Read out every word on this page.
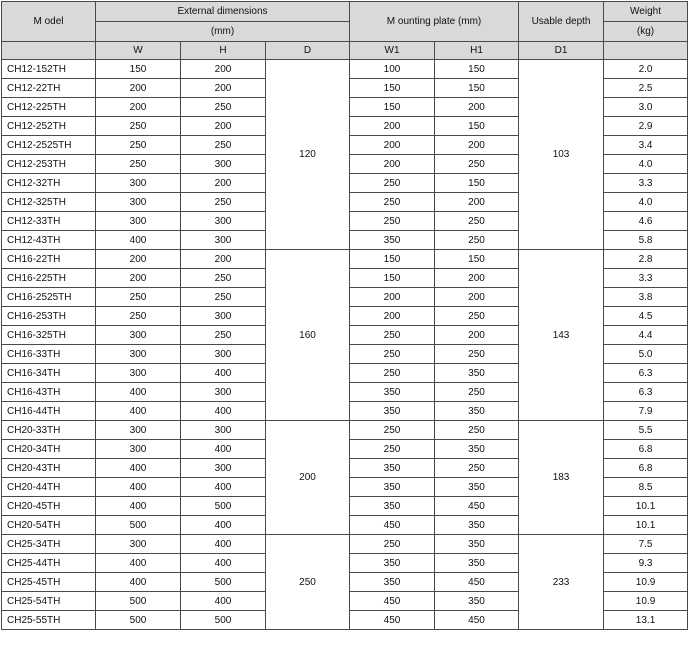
M odel	External dimensions			M ounting plate (mm)		Usable depth	Weight
	(mm)						(kg)
	W	H	D	W1	H1	D1	
CH12-152TH	150	200	120	100	150	103	2.0
CH12-22TH	200	200		150	150		2.5
CH12-225TH	200	250		150	200		3.0
CH12-252TH	250	200		200	150		2.9
CH12-2525TH	250	250		200	200		3.4
CH12-253TH	250	300		200	250		4.0
CH12-32TH	300	200		250	150		3.3
CH12-325TH	300	250		250	200		4.0
CH12-33TH	300	300		250	250		4.6
CH12-43TH	400	300		350	250		5.8
CH16-22TH	200	200	160	150	150	143	2.8
CH16-225TH	200	250		150	200		3.3
CH16-2525TH	250	250		200	200		3.8
CH16-253TH	250	300		200	250		4.5
CH16-325TH	300	250		250	200		4.4
CH16-33TH	300	300		250	250		5.0
CH16-34TH	300	400		250	350		6.3
CH16-43TH	400	300		350	250		6.3
CH16-44TH	400	400		350	350		7.9
CH20-33TH	300	300	200	250	250	183	5.5
CH20-34TH	300	400		250	350		6.8
CH20-43TH	400	300		350	250		6.8
CH20-44TH	400	400		350	350		8.5
CH20-45TH	400	500		350	450		10.1
CH20-54TH	500	400		450	350		10.1
CH25-34TH	300	400	250	250	350	233	7.5
CH25-44TH	400	400		350	350		9.3
CH25-45TH	400	500		350	450		10.9
CH25-54TH	500	400		450	350		10.9
CH25-55TH	500	500		450	450		13.1
